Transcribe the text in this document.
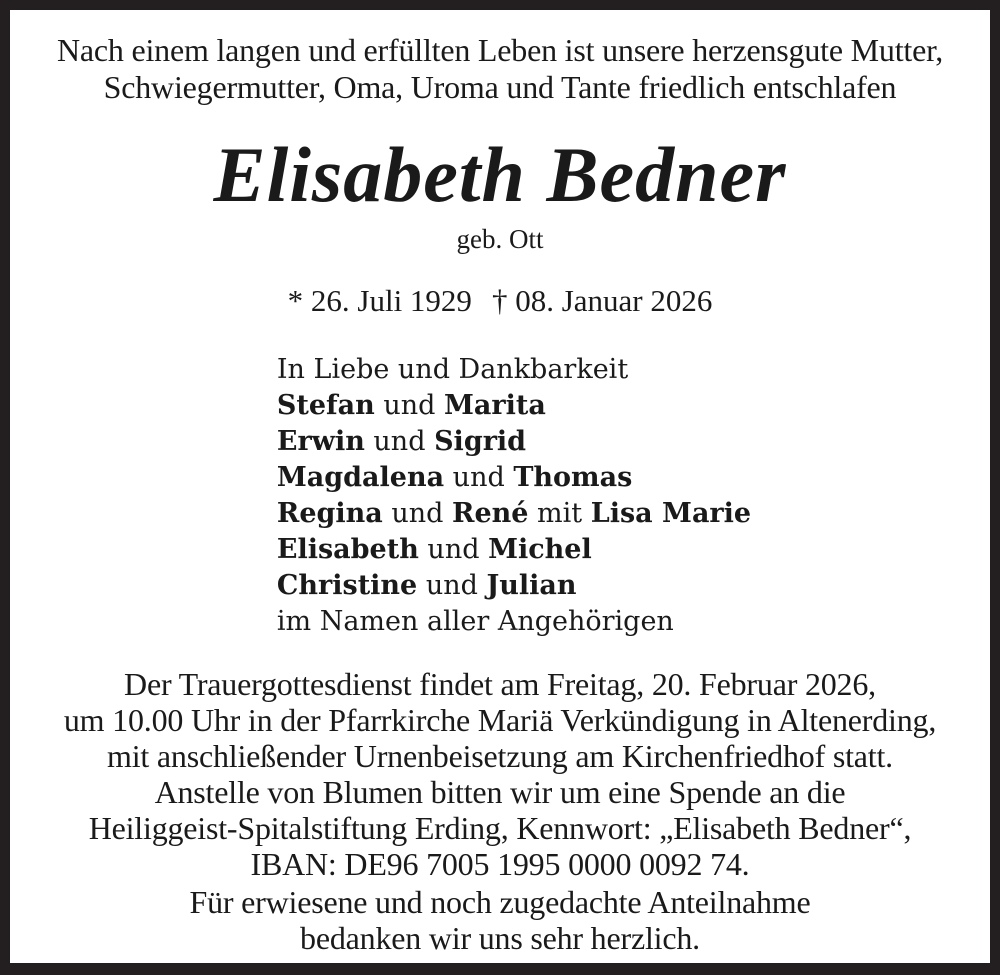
Nach einem langen und erfüllten Leben ist unsere herzensgute Mutter,
Schwiegermutter, Oma, Uroma und Tante friedlich entschlafen
Elisabeth Bedner
geb. Ott
* 26. Juli 1929 † 08. Januar 2026
In Liebe und Dankbarkeit
Stefan und Marita
Erwin und Sigrid
Magdalena und Thomas
Regina und René mit Lisa Marie
Elisabeth und Michel
Christine und Julian
im Namen aller Angehörigen
Der Trauergottesdienst findet am Freitag, 20. Februar 2026,
um 10.00 Uhr in der Pfarrkirche Mariä Verkündigung in Altenerding,
mit anschließender Urnenbeisetzung am Kirchenfriedhof statt.
Anstelle von Blumen bitten wir um eine Spende an die
Heiliggeist-Spitalstiftung Erding, Kennwort: „Elisabeth Bedner“,
IBAN: DE96 7005 1995 0000 0092 74.
Für erwiesene und noch zugedachte Anteilnahme
bedanken wir uns sehr herzlich.
